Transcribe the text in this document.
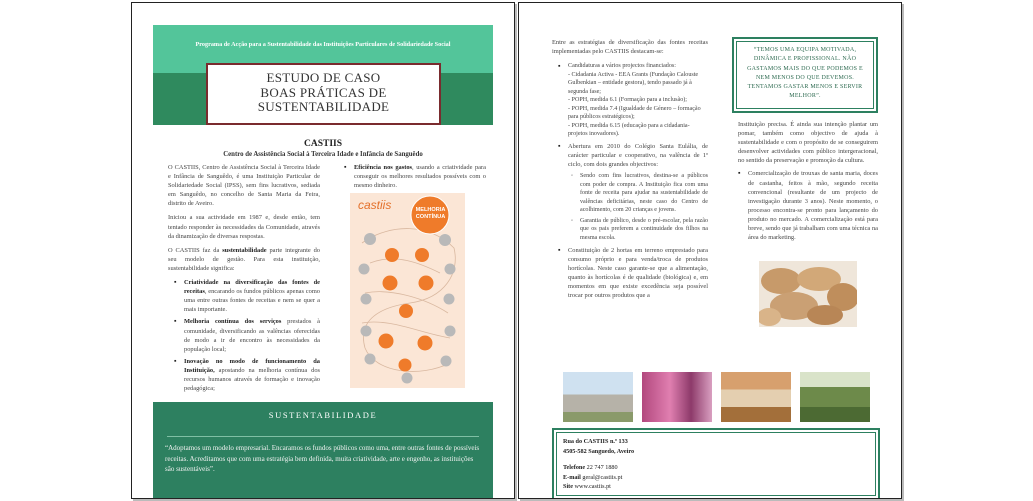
Programa de Acção para a Sustentabilidade das Instituições Particulares de Solidariedade Social
ESTUDO DE CASO
BOAS PRÁTICAS DE
SUSTENTABILIDADE
CASTIIS
Centro de Assistência Social à Terceira Idade e Infância de Sanguêdo

O CASTIIS, Centro de Assistência Social à Terceira Idade e Infância de Sanguêdo, é uma Instituição Particular de Solidariedade Social (IPSS), sem fins lucrativos, sediada em Sanguêdo, no concelho de Santa Maria da Feira, distrito de Aveiro.

Iniciou a sua actividade em 1987 e, desde então, tem tentado responder às necessidades da Comunidade, através da dinamização de diversas respostas.

O CASTIIS faz da sustentabilidade parte integrante do seu modelo de gestão. Para esta instituição, sustentabilidade significa:

▪ Criatividade na diversificação das fontes de receitas, encarando os fundos públicos apenas como uma entre outras fontes de receitas e nem se quer a mais importante.

▪ Melhoria contínua dos serviços prestados à comunidade, diversificando as valências oferecidas de modo a ir de encontro às necessidades da população local;

▪ Inovação no modo de funcionamento da Instituição, apostando na melhoria contínua dos recursos humanos através de formação e inovação pedagógica;

▪ Eficiência nos gastos, usando a criatividade para conseguir os melhores resultados possíveis com o mesmo dinheiro.

castiis	MELHORIA
CONTÍNUA
SUSTENTABILIDADE

“Adoptamos um modelo empresarial. Encaramos os fundos públicos como uma, entre outras fontes de possíveis receitas. Acreditamos que com uma estratégia bem definida, muita criatividade, arte e engenho, as instituições são sustentáveis”.

Entre as estratégias de diversificação das fontes receitas implementadas pelo CASTIIS destacam-se:

▪ Candidaturas a vários projectos financiados:
- Cidadania Activa - EEA Grants (Fundação Calouste Gulbenkian – entidade gestora), tendo passado já à segunda fase;
- POPH, medida 6.1 (Formação para a inclusão);
- POPH, medida 7.4 (Igualdade de Género – formação para públicos estratégicos);
- POPH, medida 6.15 (educação para a cidadania- projetos inovadores).

▪ Abertura em 2010 do Colégio Santa Eulália, de carácter particular e cooperativo, na valência de 1º ciclo, com dois grandes objectivos:

◦ Sendo com fins lucrativos, destina-se a públicos com poder de compra. A Instituição fica com uma fonte de receita para ajudar na sustentabilidade de valências deficitárias, neste caso do Centro de acolhimento, com 20 crianças e jovens.

◦ Garantia de público, desde o pré-escolar, pela razão que os pais preferem a continuidade dos filhos na mesma escola.

▪ Constituição de 2 hortas em terreno emprestado para consumo próprio e para venda/troca de produtos hortícolas. Neste caso garante-se que a alimentação, quanto às hortícolas é de qualidade (biológica) e, em momentos em que existe excedência seja possível trocar por outros produtos que a

“TEMOS UMA EQUIPA MOTIVADA, DINÂMICA E PROFISSIONAL. NÃO GASTAMOS MAIS DO QUE PODEMOS E NEM MENOS DO QUE DEVEMOS. TENTAMOS GASTAR MENOS E SERVIR MELHOR”.

Instituição precisa. É ainda sua intenção plantar um pomar, também como objectivo de ajuda à sustentabilidade e com o propósito de se conseguirem desenvolver actividades com público intergeracional, no sentido da preservação e promoção da cultura.

▪ Comercialização de trouxas de santa maria, doces de castanha, feitos à mão, segundo receita convencional (resultante de um projecto de investigação durante 3 anos). Neste momento, o processo encontra-se pronto para lançamento do produto no mercado. A comercialização está para breve, sendo que já trabalham com uma técnica na área do marketing.

Rua do CASTIIS n.º 133
4505-582 Sanguedo, Aveiro
Telefone 22 747 1880
E-mail geral@castiis.pt
Site www.castiis.pt
